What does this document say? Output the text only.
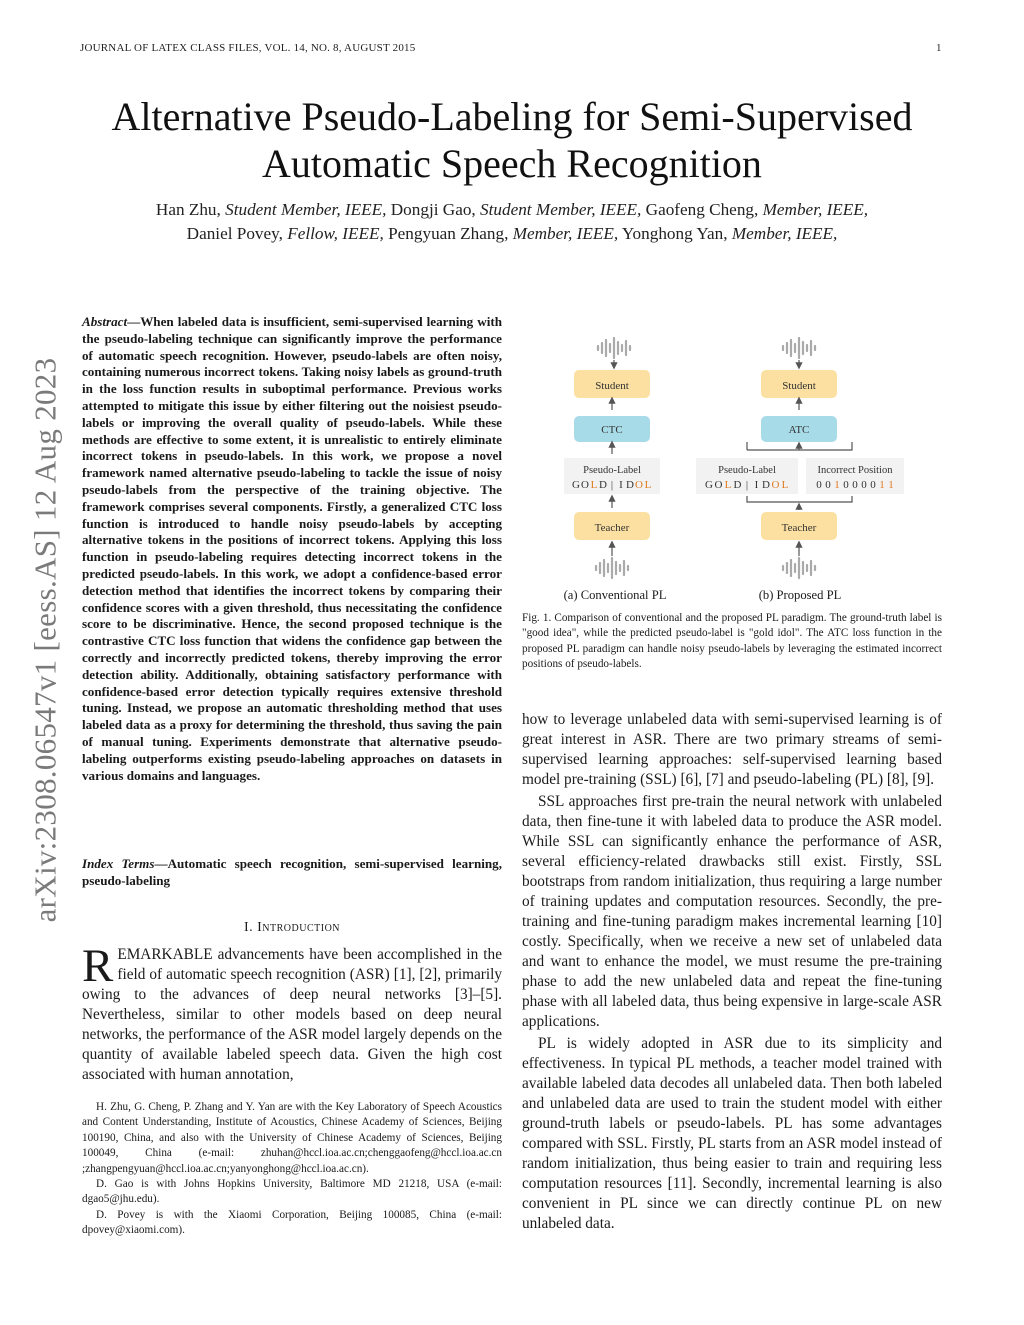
JOURNAL OF LATEX CLASS FILES, VOL. 14, NO. 8, AUGUST 2015	1
Alternative Pseudo-Labeling for Semi-Supervised
Automatic Speech Recognition
Han Zhu, Student Member, IEEE, Dongji Gao, Student Member, IEEE, Gaofeng Cheng, Member, IEEE,
Daniel Povey, Fellow, IEEE, Pengyuan Zhang, Member, IEEE, Yonghong Yan, Member, IEEE,
arXiv:2308.06547v1 [eess.AS] 12 Aug 2023
Abstract—When labeled data is insufficient, semi-supervised learning with the pseudo-labeling technique can significantly improve the performance of automatic speech recognition. However, pseudo-labels are often noisy, containing numerous incorrect tokens. Taking noisy labels as ground-truth in the loss function results in suboptimal performance. Previous works attempted to mitigate this issue by either filtering out the noisiest pseudo-labels or improving the overall quality of pseudo-labels. While these methods are effective to some extent, it is unrealistic to entirely eliminate incorrect tokens in pseudo-labels. In this work, we propose a novel framework named alternative pseudo-labeling to tackle the issue of noisy pseudo-labels from the perspective of the training objective. The framework comprises several components. Firstly, a generalized CTC loss function is introduced to handle noisy pseudo-labels by accepting alternative tokens in the positions of incorrect tokens. Applying this loss function in pseudo-labeling requires detecting incorrect tokens in the predicted pseudo-labels. In this work, we adopt a confidence-based error detection method that identifies the incorrect tokens by comparing their confidence scores with a given threshold, thus necessitating the confidence score to be discriminative. Hence, the second proposed technique is the contrastive CTC loss function that widens the confidence gap between the correctly and incorrectly predicted tokens, thereby improving the error detection ability. Additionally, obtaining satisfactory performance with confidence-based error detection typically requires extensive threshold tuning. Instead, we propose an automatic thresholding method that uses labeled data as a proxy for determining the threshold, thus saving the pain of manual tuning. Experiments demonstrate that alternative pseudo-labeling outperforms existing pseudo-labeling approaches on datasets in various domains and languages.
Index Terms—Automatic speech recognition, semi-supervised learning, pseudo-labeling
I. Introduction

REMARKABLE advancements have been accomplished in the field of automatic speech recognition (ASR) [1], [2], primarily owing to the advances of deep neural networks [3]–[5]. Nevertheless, similar to other models based on deep neural networks, the performance of the ASR model largely depends on the quantity of available labeled speech data. Given the high cost associated with human annotation,

H. Zhu, G. Cheng, P. Zhang and Y. Yan are with the Key Laboratory of Speech Acoustics and Content Understanding, Institute of Acoustics, Chinese Academy of Sciences, Beijing 100190, China, and also with the University of Chinese Academy of Sciences, Beijing 100049, China (e-mail: zhuhan@hccl.ioa.ac.cn;chenggaofeng@hccl.ioa.ac.cn ;zhangpengyuan@hccl.ioa.ac.cn;yanyonghong@hccl.ioa.ac.cn).

D. Gao is with Johns Hopkins University, Baltimore MD 21218, USA (e-mail: dgao5@jhu.edu).

D. Povey is with the Xiaomi Corporation, Beijing 100085, China (e-mail: dpovey@xiaomi.com).

Student
CTC
Pseudo-Label
G O L D | I D O L
Teacher
Student
ATC
Pseudo-Label
G O L D | I D O L
Incorrect Position
0 0 1 0 0 0 0 1 1
Teacher
(a) Conventional PL	(b) Proposed PL
Fig. 1. Comparison of conventional and the proposed PL paradigm. The ground-truth label is "good idea", while the predicted pseudo-label is "gold idol". The ATC loss function in the proposed PL paradigm can handle noisy pseudo-labels by leveraging the estimated incorrect positions of pseudo-labels.

how to leverage unlabeled data with semi-supervised learning is of great interest in ASR. There are two primary streams of semi-supervised learning approaches: self-supervised learning based model pre-training (SSL) [6], [7] and pseudo-labeling (PL) [8], [9].

SSL approaches first pre-train the neural network with unlabeled data, then fine-tune it with labeled data to produce the ASR model. While SSL can significantly enhance the performance of ASR, several efficiency-related drawbacks still exist. Firstly, SSL bootstraps from random initialization, thus requiring a large number of training updates and computation resources. Secondly, the pre-training and fine-tuning paradigm makes incremental learning [10] costly. Specifically, when we receive a new set of unlabeled data and want to enhance the model, we must resume the pre-training phase to add the new unlabeled data and repeat the fine-tuning phase with all labeled data, thus being expensive in large-scale ASR applications.

PL is widely adopted in ASR due to its simplicity and effectiveness. In typical PL methods, a teacher model trained with available labeled data decodes all unlabeled data. Then both labeled and unlabeled data are used to train the student model with either ground-truth labels or pseudo-labels. PL has some advantages compared with SSL. Firstly, PL starts from an ASR model instead of random initialization, thus being easier to train and requiring less computation resources [11]. Secondly, incremental learning is also convenient in PL since we can directly continue PL on new unlabeled data.
